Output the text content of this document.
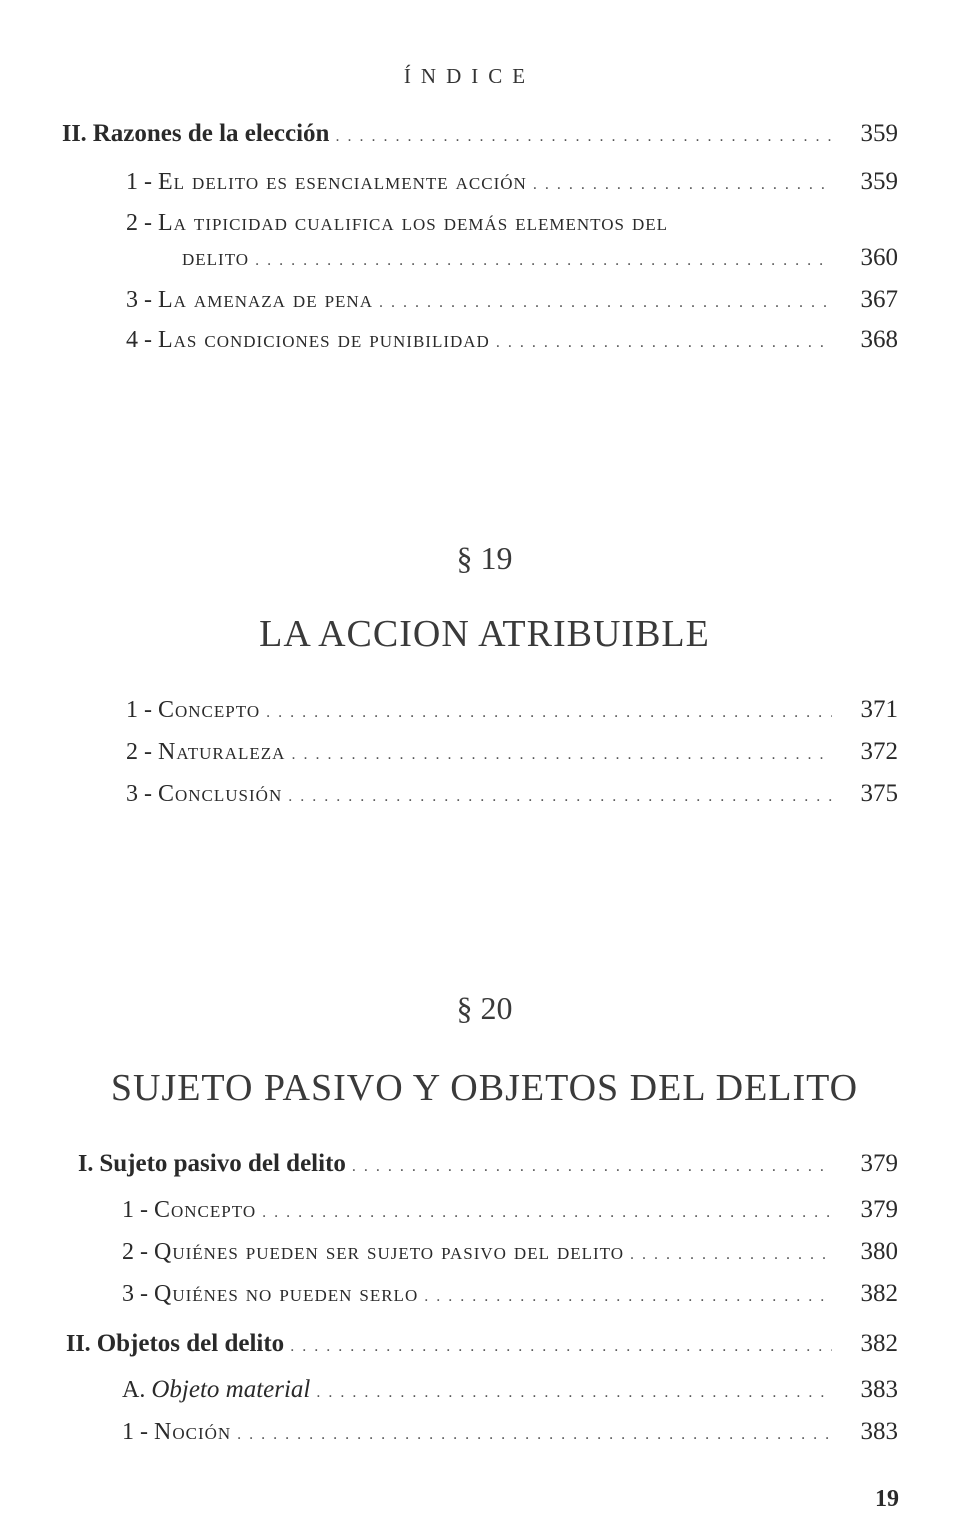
ÍNDICE
II. Razones de la elección . . .	359
1 - El delito es esencialmente acción . . .	359
2 - La tipicidad cualifica los demás elementos del
delito . . .	360
3 - La amenaza de pena . . .	367
4 - Las condiciones de punibilidad . . .	368
§ 19
LA ACCION ATRIBUIBLE
1 - Concepto . . .	371
2 - Naturaleza . . .	372
3 - Conclusión . . .	375
§ 20
SUJETO PASIVO Y OBJETOS DEL DELITO
I. Sujeto pasivo del delito . . .	379
1 - Concepto . . .	379
2 - Quiénes pueden ser sujeto pasivo del delito . . .	380
3 - Quiénes no pueden serlo . . .	382
II. Objetos del delito . . .	382
A. Objeto material . . .	383
1 - Noción . . .	383
19
